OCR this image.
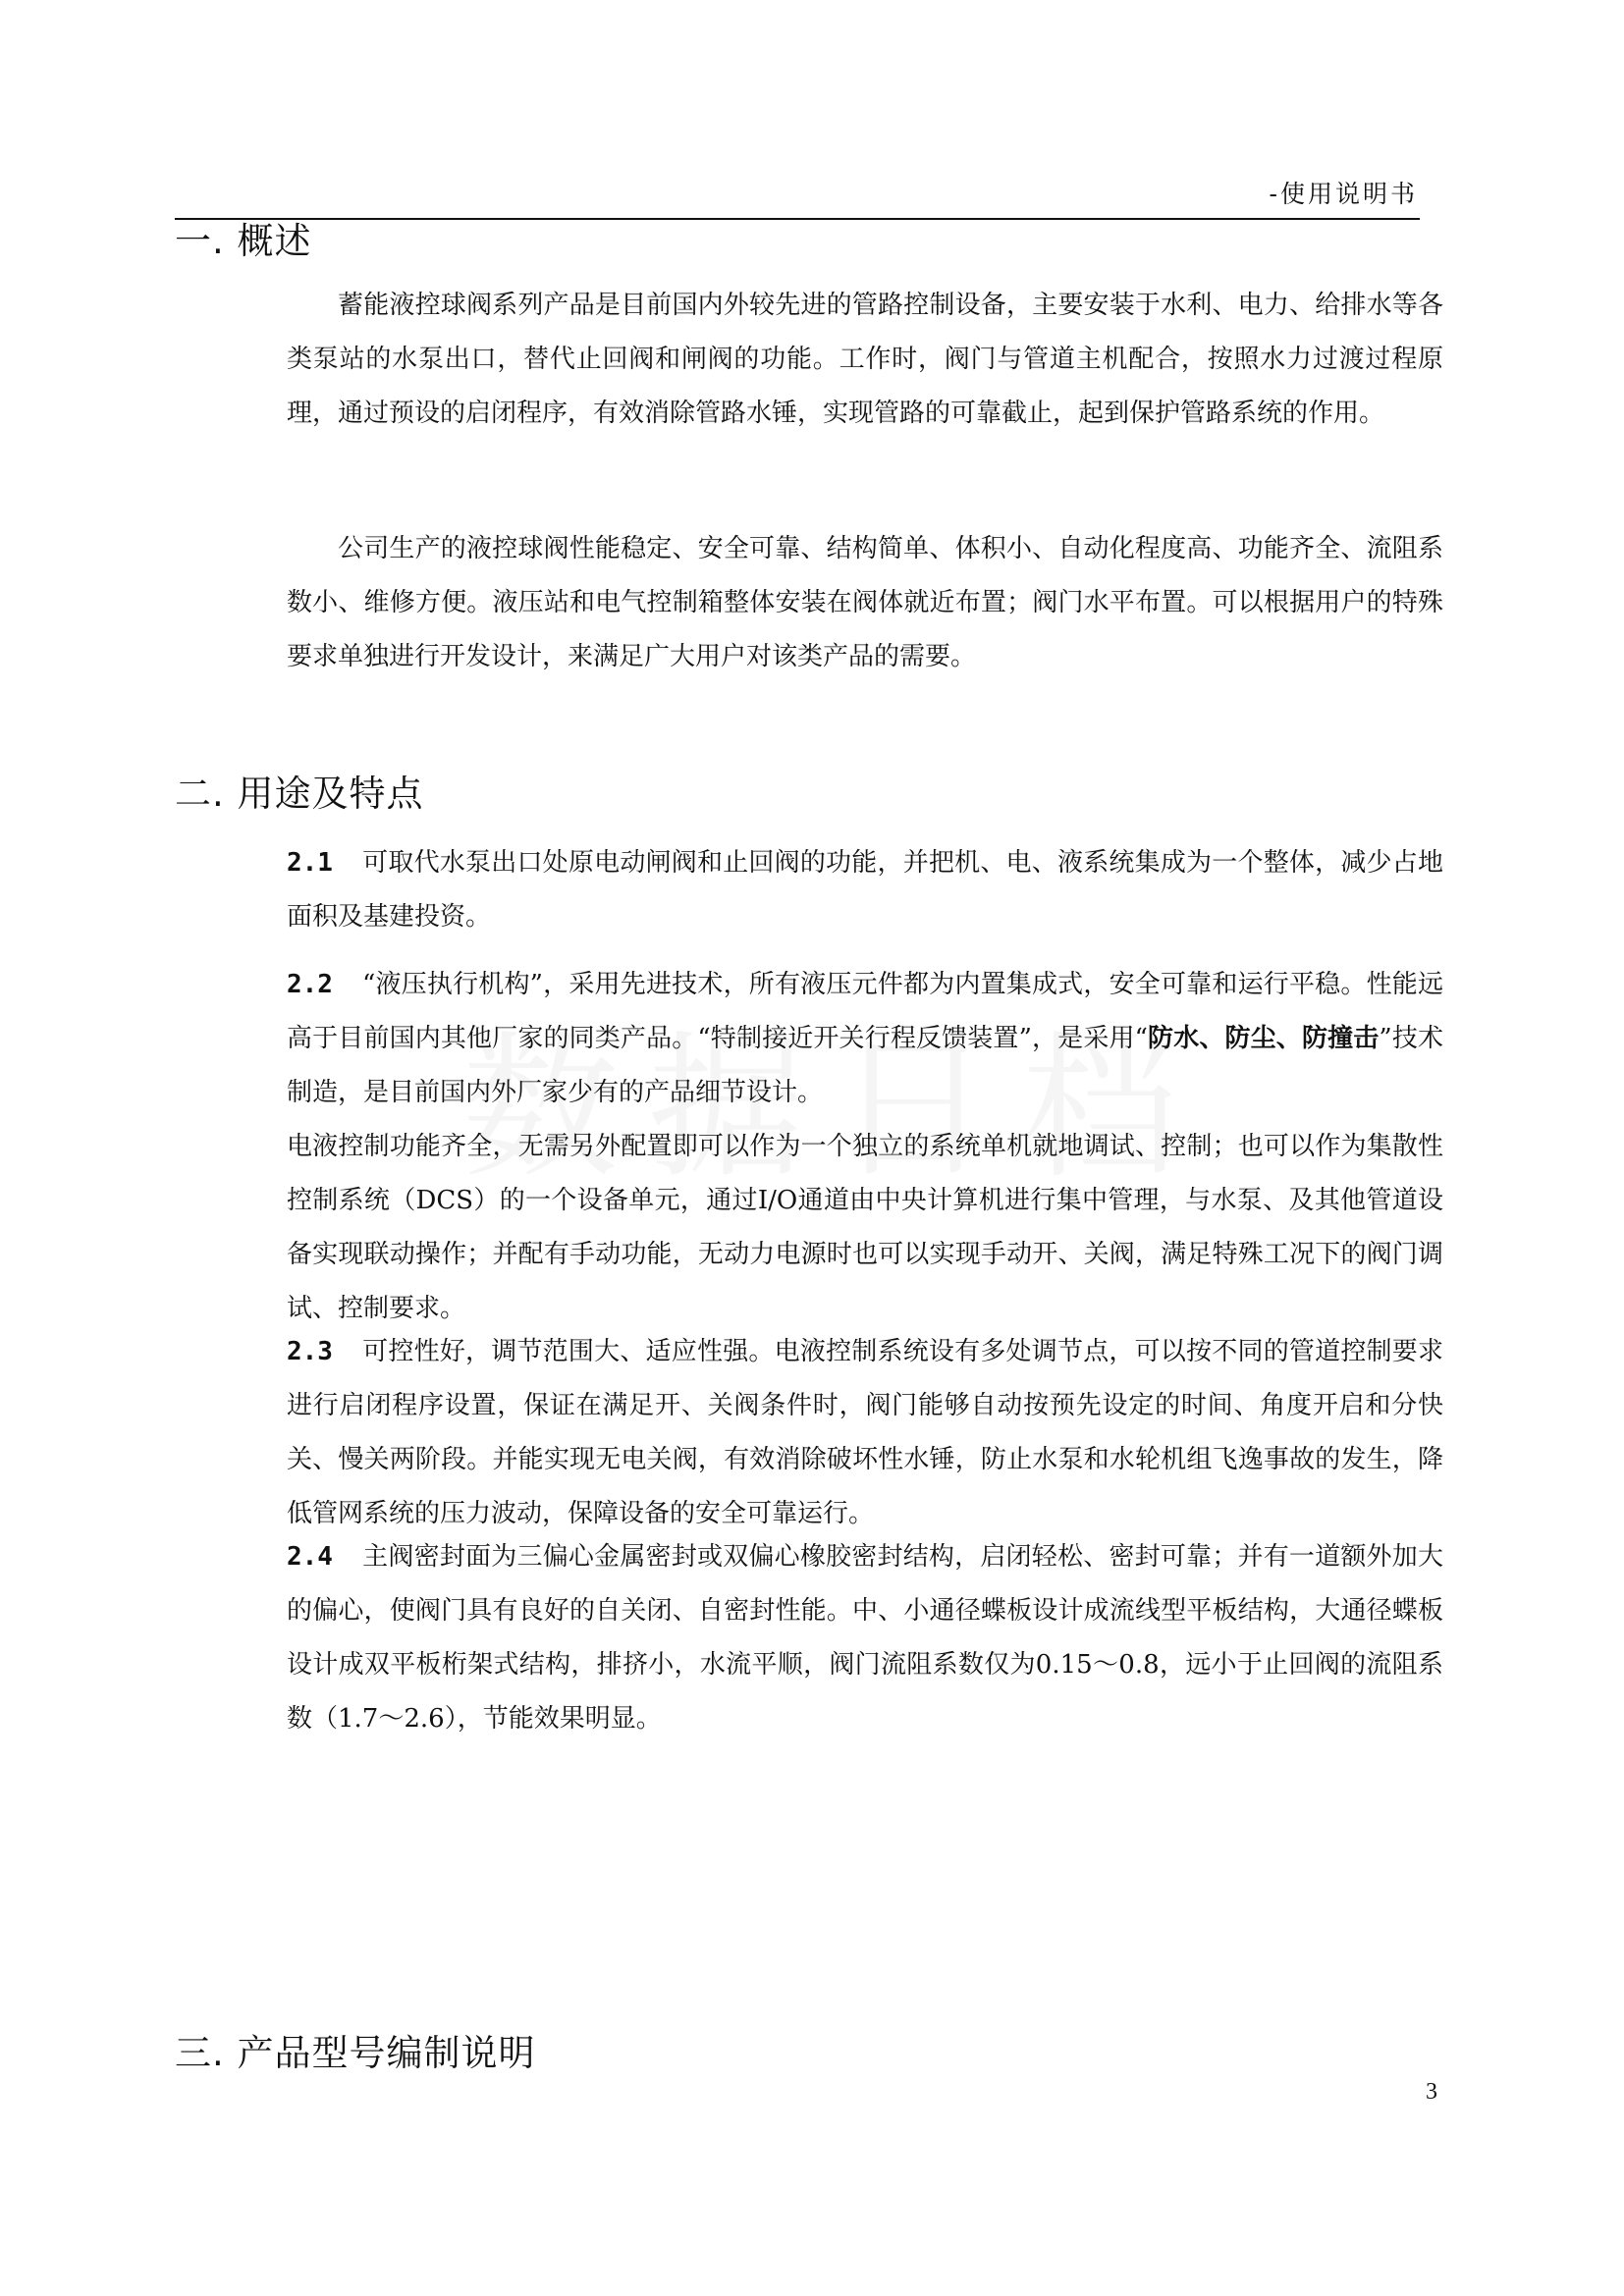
-使用说明书
一. 概述
蓄能液控球阀系列产品是目前国内外较先进的管路控制设备，主要安装于水利、电力、给排水等各类泵站的水泵出口，替代止回阀和闸阀的功能。工作时，阀门与管道主机配合，按照水力过渡过程原理，通过预设的启闭程序，有效消除管路水锤，实现管路的可靠截止，起到保护管路系统的作用。
公司生产的液控球阀性能稳定、安全可靠、结构简单、体积小、自动化程度高、功能齐全、流阻系数小、维修方便。液压站和电气控制箱整体安装在阀体就近布置；阀门水平布置。可以根据用户的特殊要求单独进行开发设计，来满足广大用户对该类产品的需要。
二. 用途及特点
2.1 可取代水泵出口处原电动闸阀和止回阀的功能，并把机、电、液系统集成为一个整体，减少占地面积及基建投资。
2.2 “液压执行机构”，采用先进技术，所有液压元件都为内置集成式，安全可靠和运行平稳。性能远高于目前国内其他厂家的同类产品。“特制接近开关行程反馈装置”，是采用“防水、防尘、防撞击”技术制造，是目前国内外厂家少有的产品细节设计。
电液控制功能齐全，无需另外配置即可以作为一个独立的系统单机就地调试、控制；也可以作为集散性控制系统（DCS）的一个设备单元，通过I/O通道由中央计算机进行集中管理，与水泵、及其他管道设备实现联动操作；并配有手动功能，无动力电源时也可以实现手动开、关阀，满足特殊工况下的阀门调试、控制要求。
2.3 可控性好，调节范围大、适应性强。电液控制系统设有多处调节点，可以按不同的管道控制要求进行启闭程序设置，保证在满足开、关阀条件时，阀门能够自动按预先设定的时间、角度开启和分快关、慢关两阶段。并能实现无电关阀，有效消除破坏性水锤，防止水泵和水轮机组飞逸事故的发生，降低管网系统的压力波动，保障设备的安全可靠运行。
2.4 主阀密封面为三偏心金属密封或双偏心橡胶密封结构，启闭轻松、密封可靠；并有一道额外加大的偏心，使阀门具有良好的自关闭、自密封性能。中、小通径蝶板设计成流线型平板结构，大通径蝶板设计成双平板桁架式结构，排挤小，水流平顺，阀门流阻系数仅为0.15～0.8，远小于止回阀的流阻系数（1.7～2.6），节能效果明显。
三. 产品型号编制说明
3
